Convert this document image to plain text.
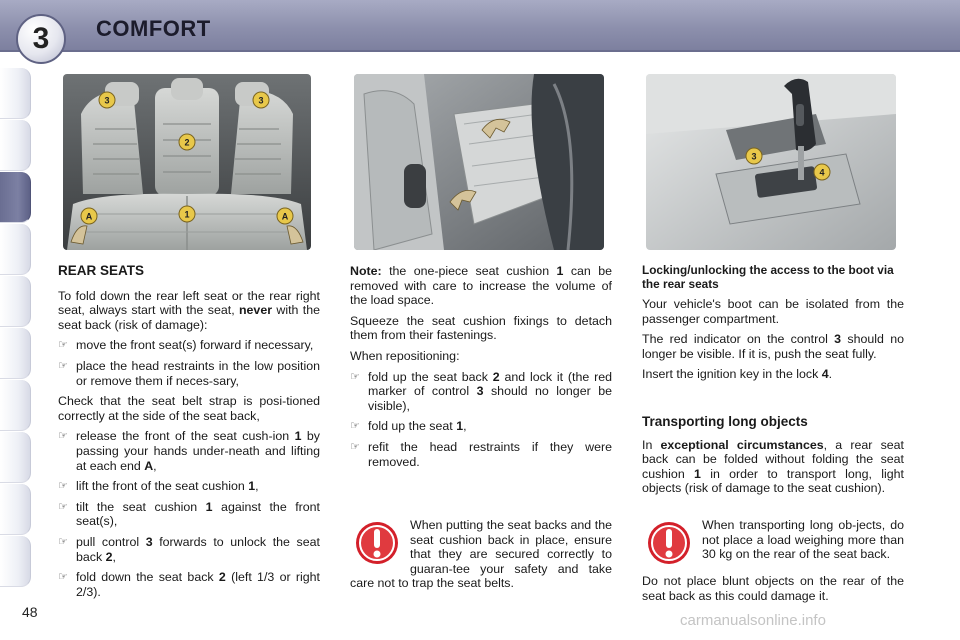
3	COMFORT
3	3
2
A	1	A
3
4
REAR SEATS

To fold down the rear left seat or the rear right seat, always start with the seat, never with the seat back (risk of damage):

☞ move the front seat(s) forward if necessary,
☞ place the head restraints in the low position or remove them if neces-sary,

Check that the seat belt strap is posi-tioned correctly at the side of the seat back,

☞ release the front of the seat cush-ion 1 by passing your hands under-neath and lifting at each end A,
☞ lift the front of the seat cushion 1,
☞ tilt the seat cushion 1 against the front seat(s),
☞ pull control 3 forwards to unlock the seat back 2,
☞ fold down the seat back 2 (left 1/3 or right 2/3).

Note: the one-piece seat cushion 1 can be removed with care to increase the volume of the load space.

Squeeze the seat cushion fixings to detach them from their fastenings.

When repositioning:

☞ fold up the seat back 2 and lock it (the red marker of control 3 should no longer be visible),
☞ fold up the seat 1,
☞ refit the head restraints if they were removed.
When putting the seat backs and the seat cushion back in place, ensure that they are secured correctly to guaran-tee your safety and take care not to trap the seat belts.
Locking/unlocking the access to the boot via the rear seats

Your vehicle's boot can be isolated from the passenger compartment.

The red indicator on the control 3 should no longer be visible. If it is, push the seat fully.

Insert the ignition key in the lock 4.

Transporting long objects

In exceptional circumstances, a rear seat back can be folded without folding the seat cushion 1 in order to transport long, light objects (risk of damage to the seat cushion).

When transporting long ob-jects, do not place a load weighing more than 30 kg on the rear of the seat back.
Do not place blunt objects on the rear of the seat back as this could damage it.
48	carmanualsonline.info
